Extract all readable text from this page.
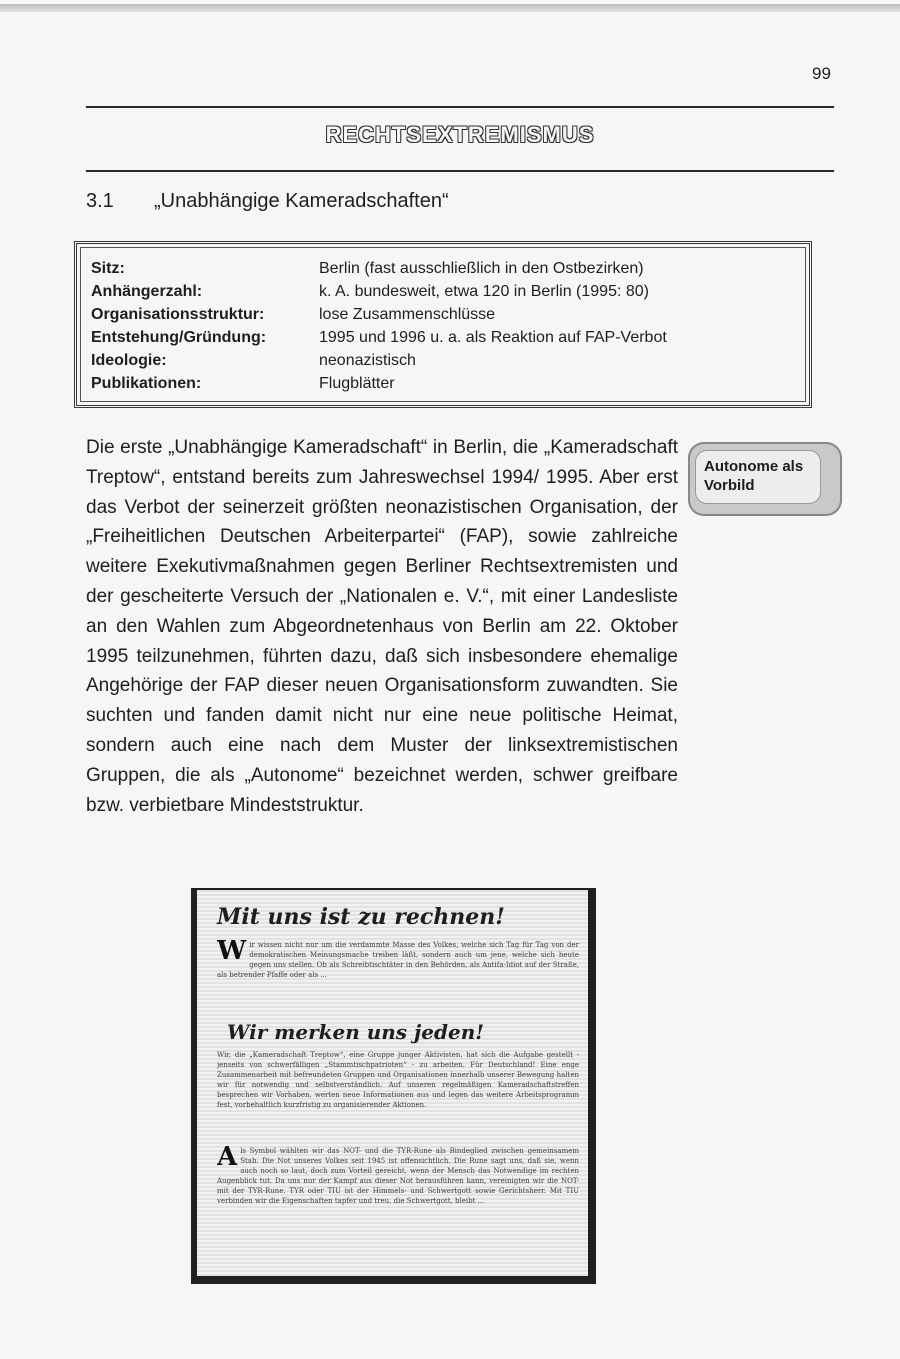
99
RECHTSEXTREMISMUS
3.1 „Unabhängige Kameradschaften“
Sitz:	Berlin (fast ausschließlich in den Ostbezirken)
Anhängerzahl:	k. A. bundesweit, etwa 120 in Berlin (1995: 80)
Organisationsstruktur:	lose Zusammenschlüsse
Entstehung/Gründung:	1995 und 1996 u. a. als Reaktion auf FAP-Verbot
Ideologie:	neonazistisch
Publikationen:	Flugblätter
Die erste „Unabhängige Kameradschaft“ in Berlin, die „Kameradschaft Treptow“, entstand bereits zum Jahreswechsel 1994/ 1995. Aber erst das Verbot der seinerzeit größten neonazistischen Organisation, der „Freiheitlichen Deutschen Arbeiterpartei“ (FAP), sowie zahlreiche weitere Exekutivmaßnahmen gegen Berliner Rechtsextremisten und der gescheiterte Versuch der „Nationalen e. V.“, mit einer Landesliste an den Wahlen zum Abgeordnetenhaus von Berlin am 22. Oktober 1995 teilzunehmen, führten dazu, daß sich insbesondere ehemalige Angehörige der FAP dieser neuen Organisationsform zuwandten. Sie suchten und fanden damit nicht nur eine neue politische Heimat, sondern auch eine nach dem Muster der linksextremistischen Gruppen, die als „Autonome“ bezeichnet werden, schwer greifbare bzw. verbietbare Mindeststruktur.
Autonome als
Vorbild
Mit uns ist zu rechnen!
Wir wissen nicht nur um die verdammte Masse des Volkes, welche sich Tag für Tag von der demokratischen Meinungsmache treiben läßt, sondern auch um jene, welche sich heute gegen uns stellen. Ob als Schreibtischtäter in den Behörden, als Antifa-Idiot auf der Straße, als betrender Pfaffe oder als ...
Wir merken uns jeden!
Wir, die „Kameradschaft Treptow“, eine Gruppe junger Aktivisten, hat sich die Aufgabe gestellt - jenseits von schwerfälligen „Stammtischpatrioten“ - zu arbeiten. Für Deutschland! Eine enge Zusammenarbeit mit befreundeten Gruppen und Organisationen innerhalb unserer Bewegung halten wir für notwendig und selbstverständlich. Auf unseren regelmäßigen Kameradschaftstreffen besprechen wir Vorhaben, werten neue Informationen aus und legen das weitere Arbeitsprogramm fest, vorbehaltlich kurzfristig zu organisierender Aktionen.
Als Symbol wählten wir das NOT- und die TYR-Rune als Bindeglied zwischen gemeinsamem Stab. Die Not unseres Volkes seit 1945 ist offensichtlich. Die Rune sagt uns, daß sie, wenn auch noch so laut, doch zum Vorteil gereicht, wenn der Mensch das Notwendige im rechten Augenblick tut. Da uns nur der Kampf aus dieser Not herausführen kann, vereinigten wir die NOT- mit der TYR-Rune. TYR oder TIU ist der Himmels- und Schwertgott sowie Gerichtsherr. Mit TIU verbinden wir die Eigenschaften tapfer und treu, die Schwertgott, bleibt ...
